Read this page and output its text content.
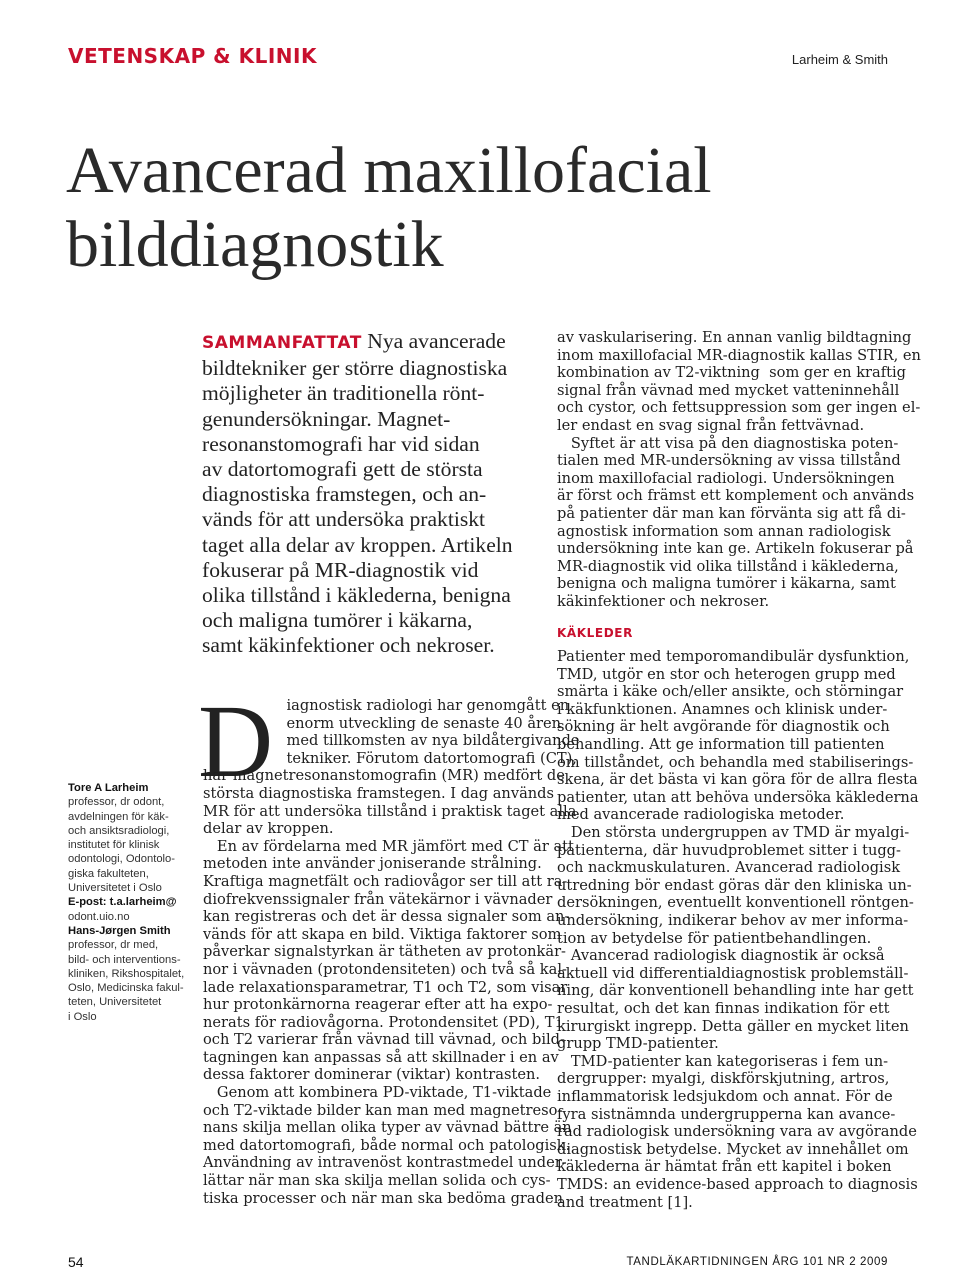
VETENSKAP & KLINIK	Larheim & Smith
Avancerad maxillofacial
bilddiagnostik
Tore A Larheim
professor, dr odont,
avdelningen för käk-
och ansiktsradiologi,
institutet för klinisk
odontologi, Odontolo-
giska fakulteten,
Universitetet i Oslo
E-post: t.a.larheim@
odont.uio.no
Hans-Jørgen Smith
professor, dr med,
bild- och interventions-
kliniken, Rikshospitalet,
Oslo, Medicinska fakul-
teten, Universitetet
i Oslo
SAMMANFATTAT Nya avancerade
bildtekniker ger större diagnostiska
möjligheter än traditionella rönt-
genundersökningar. Magnet-
resonanstomografi har vid sidan
av datortomografi gett de största
diagnostiska framstegen, och an-
vänds för att undersöka praktiskt
taget alla delar av kroppen. Artikeln
fokuserar på MR-diagnostik vid
olika tillstånd i käklederna, benigna
och maligna tumörer i käkarna,
samt käkinfektioner och nekroser.
D
iagnostisk radiologi har genomgått en
enorm utveckling de senaste 40 åren
med tillkomsten av nya bildåtergivande
tekniker. Förutom datortomografi (CT),
har magnetresonanstomografin (MR) medfört de
största diagnostiska framstegen. I dag används
MR för att undersöka tillstånd i praktisk taget alla
delar av kroppen.
En av fördelarna med MR jämfört med CT är att
metoden inte använder joniserande strålning.
Kraftiga magnetfält och radiovågor ser till att ra-
diofrekvenssignaler från vätekärnor i vävnader
kan registreras och det är dessa signaler som an-
vänds för att skapa en bild. Viktiga faktorer som
påverkar signalstyrkan är tätheten av protonkär-
nor i vävnaden (protondensiteten) och två så kal-
lade relaxationsparametrar, T1 och T2, som visar
hur protonkärnorna reagerar efter att ha expo-
nerats för radiovågorna. Protondensitet (PD), T1
och T2 varierar från vävnad till vävnad, och bild-
tagningen kan anpassas så att skillnader i en av
dessa faktorer dominerar (viktar) kontrasten.
Genom att kombinera PD-viktade, T1-viktade
och T2-viktade bilder kan man med magnetreso-
nans skilja mellan olika typer av vävnad bättre än
med datortomografi, både normal och patologisk.
Användning av intravenöst kontrastmedel under-
lättar när man ska skilja mellan solida och cys-
tiska processer och när man ska bedöma graden
av vaskularisering. En annan vanlig bildtagning
inom maxillofacial MR-diagnostik kallas STIR, en
kombination av T2-viktning  som ger en kraftig
signal från vävnad med mycket vatteninnehåll
och cystor, och fettsuppression som ger ingen el-
ler endast en svag signal från fettvävnad.
Syftet är att visa på den diagnostiska poten-
tialen med MR-undersökning av vissa tillstånd
inom maxillofacial radiologi. Undersökningen
är först och främst ett komplement och används
på patienter där man kan förvänta sig att få di-
agnostisk information som annan radiologisk
undersökning inte kan ge. Artikeln fokuserar på
MR-diagnostik vid olika tillstånd i käklederna,
benigna och maligna tumörer i käkarna, samt
käkinfektioner och nekroser.
KÄKLEDER
Patienter med temporomandibulär dysfunktion,
TMD, utgör en stor och heterogen grupp med
smärta i käke och/eller ansikte, och störningar
i käkfunktionen. Anamnes och klinisk under-
sökning är helt avgörande för diagnostik och
behandling. Att ge information till patienten
om tillståndet, och behandla med stabiliserings-
skena, är det bästa vi kan göra för de allra flesta
patienter, utan att behöva undersöka käklederna
med avancerade radiologiska metoder.
Den största undergruppen av TMD är myalgi-
patienterna, där huvudproblemet sitter i tugg-
och nackmuskulaturen. Avancerad radiologisk
utredning bör endast göras där den kliniska un-
dersökningen, eventuellt konventionell röntgen-
undersökning, indikerar behov av mer informa-
tion av betydelse för patientbehandlingen.
Avancerad radiologisk diagnostik är också
aktuell vid differentialdiagnostisk problemställ-
ning, där konventionell behandling inte har gett
resultat, och det kan finnas indikation för ett
kirurgiskt ingrepp. Detta gäller en mycket liten
grupp TMD-patienter.
TMD-patienter kan kategoriseras i fem un-
dergrupper: myalgi, diskförskjutning, artros,
inflammatorisk ledsjukdom och annat. För de
fyra sistnämnda undergrupperna kan avance-
rad radiologisk undersökning vara av avgörande
diagnostisk betydelse. Mycket av innehållet om
käklederna är hämtat från ett kapitel i boken
TMDS: an evidence-based approach to diagnosis
and treatment [1].
54	TANDLÄKARTIDNINGEN ÅRG 101 NR 2 2009
